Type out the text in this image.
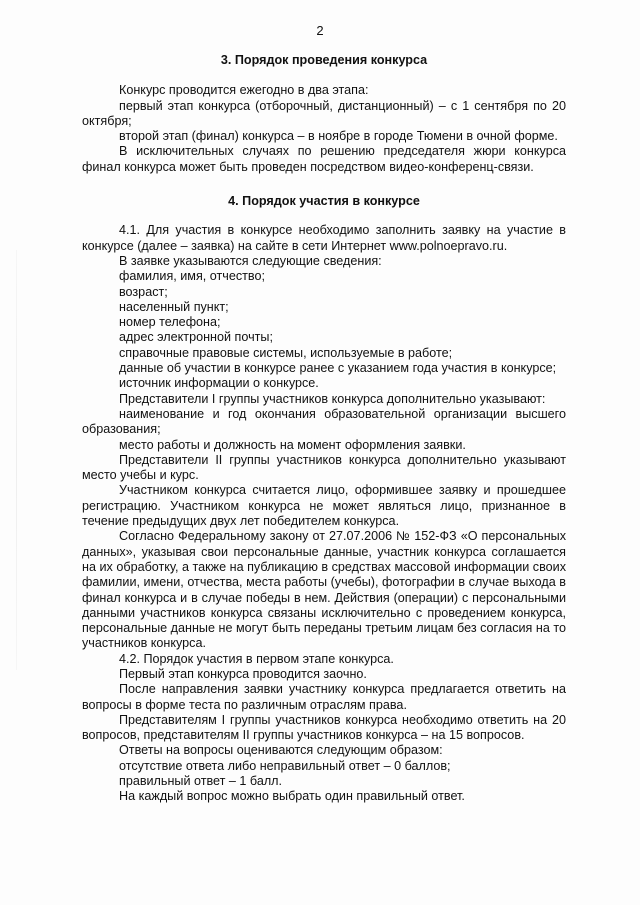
2
3. Порядок проведения конкурса

Конкурс проводится ежегодно в два этапа:

первый этап конкурса (отборочный, дистанционный) – с 1 сентября по 20 октября;

второй этап (финал) конкурса – в ноябре в городе Тюмени в очной форме.

В исключительных случаях по решению председателя жюри конкурса финал конкурса может быть проведен посредством видео-конференц-связи.

4. Порядок участия в конкурсе

4.1. Для участия в конкурсе необходимо заполнить заявку на участие в конкурсе (далее – заявка) на сайте в сети Интернет www.polnoepravo.ru.

В заявке указываются следующие сведения:

фамилия, имя, отчество;

возраст;

населенный пункт;

номер телефона;

адрес электронной почты;

справочные правовые системы, используемые в работе;

данные об участии в конкурсе ранее с указанием года участия в конкурсе;

источник информации о конкурсе.

Представители I группы участников конкурса дополнительно указывают:

наименование и год окончания образовательной организации высшего образования;

место работы и должность на момент оформления заявки.

Представители II группы участников конкурса дополнительно указывают место учебы и курс.

Участником конкурса считается лицо, оформившее заявку и прошедшее регистрацию. Участником конкурса не может являться лицо, признанное в течение предыдущих двух лет победителем конкурса.

Согласно Федеральному закону от 27.07.2006 № 152-ФЗ «О персональных данных», указывая свои персональные данные, участник конкурса соглашается на их обработку, а также на публикацию в средствах массовой информации своих фамилии, имени, отчества, места работы (учебы), фотографии в случае выхода в финал конкурса и в случае победы в нем. Действия (операции) с персональными данными участников конкурса связаны исключительно с проведением конкурса, персональные данные не могут быть переданы третьим лицам без согласия на то участников конкурса.

4.2. Порядок участия в первом этапе конкурса.

Первый этап конкурса проводится заочно.

После направления заявки участнику конкурса предлагается ответить на вопросы в форме теста по различным отраслям права.

Представителям I группы участников конкурса необходимо ответить на 20 вопросов, представителям II группы участников конкурса – на 15 вопросов.

Ответы на вопросы оцениваются следующим образом:

отсутствие ответа либо неправильный ответ – 0 баллов;

правильный ответ – 1 балл.

На каждый вопрос можно выбрать один правильный ответ.
